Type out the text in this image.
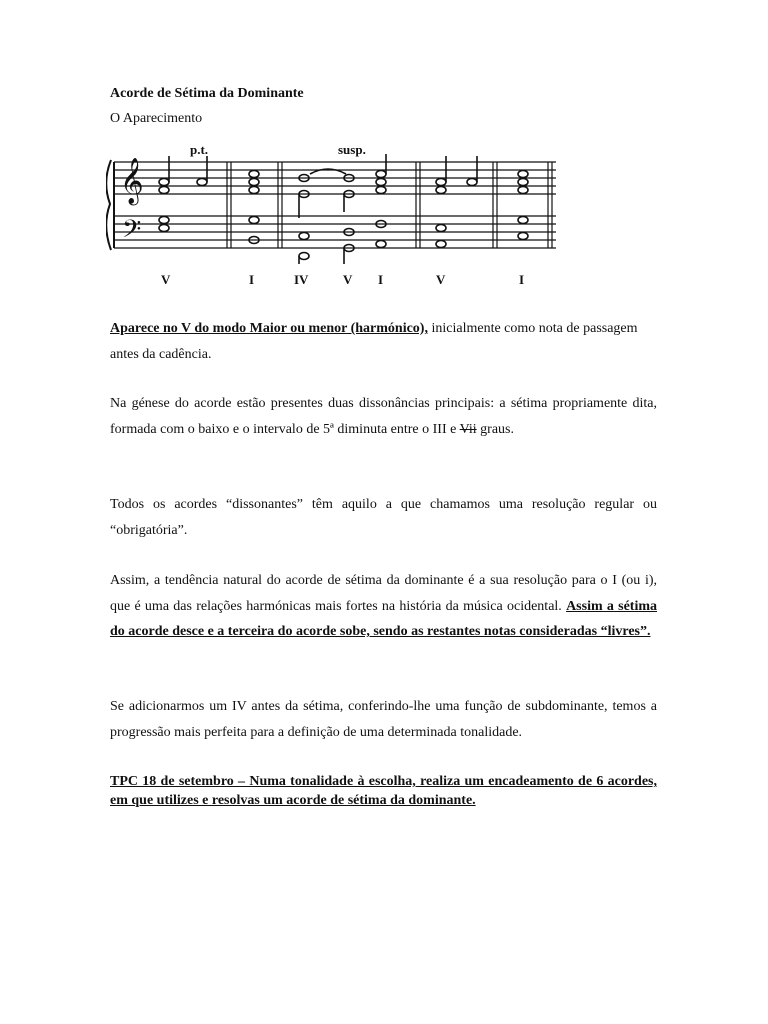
Acorde de Sétima da Dominante
O Aparecimento
𝄞
𝄢
p.t.	susp.
V	I	IV	V I	V	I

Aparece no V do modo Maior ou menor (harmónico), inicialmente como nota de passagem antes da cadência.

Na génese do acorde estão presentes duas dissonâncias principais: a sétima propriamente dita, formada com o baixo e o intervalo de 5ª diminuta entre o III e Vii graus.

Todos os acordes “dissonantes” têm aquilo a que chamamos uma resolução regular ou “obrigatória”.

Assim, a tendência natural do acorde de sétima da dominante é a sua resolução para o I (ou i), que é uma das relações harmónicas mais fortes na história da música ocidental. Assim a sétima do acorde desce e a terceira do acorde sobe, sendo as restantes notas consideradas “livres”.

Se adicionarmos um IV antes da sétima, conferindo-lhe uma função de subdominante, temos a progressão mais perfeita para a definição de uma determinada tonalidade.

TPC 18 de setembro – Numa tonalidade à escolha, realiza um encadeamento de 6 acordes, em que utilizes e resolvas um acorde de sétima da dominante.
